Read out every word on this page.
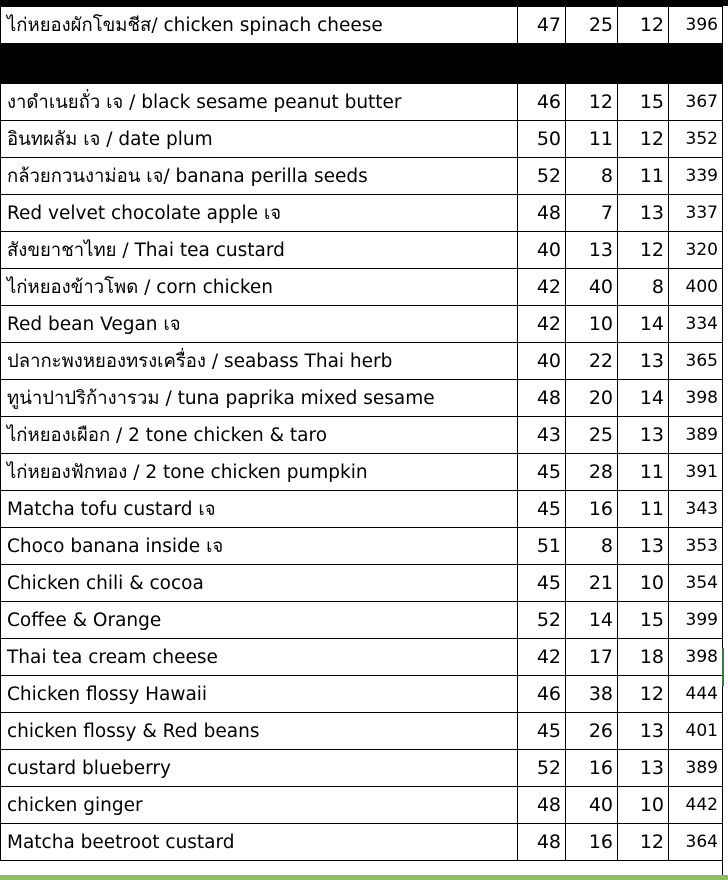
ไก่หยองผักโขมชีส/ chicken spinach cheese	47	25	12	396

งาดำเนยถั่ว เจ / black sesame peanut butter	46	12	15	367
อินทผลัม เจ / date plum	50	11	12	352
กล้วยกวนงาม่อน เจ/ banana perilla seeds	52	8	11	339
Red velvet chocolate apple เจ	48	7	13	337
สังขยาชาไทย / Thai tea custard	40	13	12	320
ไก่หยองข้าวโพด / corn chicken	42	40	8	400
Red bean Vegan เจ	42	10	14	334
ปลากะพงหยองทรงเครื่อง / seabass Thai herb	40	22	13	365
ทูน่าปาปริก้างารวม / tuna paprika mixed sesame	48	20	14	398
ไก่หยองเผือก / 2 tone chicken & taro	43	25	13	389
ไก่หยองฟักทอง / 2 tone chicken pumpkin	45	28	11	391
Matcha tofu custard เจ	45	16	11	343
Choco banana inside เจ	51	8	13	353
Chicken chili & cocoa	45	21	10	354
Coffee & Orange	52	14	15	399
Thai tea cream cheese	42	17	18	398
Chicken flossy Hawaii	46	38	12	444
chicken flossy & Red beans	45	26	13	401
custard blueberry	52	16	13	389
chicken ginger	48	40	10	442
Matcha beetroot custard	48	16	12	364
